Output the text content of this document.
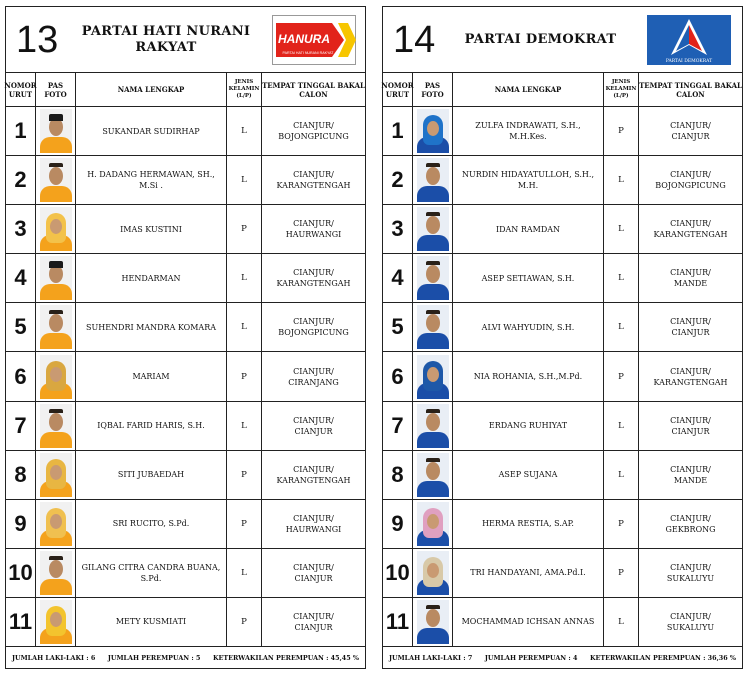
13	PARTAI HATI NURANI RAKYAT
HANURA
PARTAI HATI NURANI RAKYAT
NOMOR URUT
PAS FOTO	NAMA LENGKAP
JENIS KELAMIN (L/P)
TEMPAT TINGGAL BAKAL CALON
1	SUKANDAR SUDIRHAP	L
CIANJUR/
BOJONGPICUNG
2	H. DADANG HERMAWAN, SH., M.Si .
L
CIANJUR/
KARANGTENGAH
3	IMAS KUSTINI	P
CIANJUR/
HAURWANGI
4	HENDARMAN	L
CIANJUR/
KARANGTENGAH
5	SUHENDRI MANDRA KOMARA	L
CIANJUR/
BOJONGPICUNG
6	MARIAM	P
CIANJUR/
CIRANJANG
7	IQBAL FARID HARIS, S.H.	L
CIANJUR/
CIANJUR
8	SITI JUBAEDAH	P
CIANJUR/
KARANGTENGAH
9	SRI RUCITO, S.Pd.	P
CIANJUR/
HAURWANGI
10	GILANG CITRA CANDRA BUANA, S.Pd.
L
CIANJUR/
CIANJUR
11	METY KUSMIATI	P
CIANJUR/
CIANJUR
JUMLAH LAKI-LAKI : 6 JUMLAH PEREMPUAN : 5 KETERWAKILAN PEREMPUAN : 45,45 %
14	PARTAI DEMOKRAT
PARTAI DEMOKRAT
NOMOR URUT
PAS FOTO	NAMA LENGKAP
JENIS KELAMIN (L/P)
TEMPAT TINGGAL BAKAL CALON
1	ZULFA INDRAWATI, S.H., M.H.Kes.
P
CIANJUR/
CIANJUR
2	NURDIN HIDAYATULLOH, S.H., M.H.
L
CIANJUR/
BOJONGPICUNG
3	IDAN RAMDAN	L
CIANJUR/
KARANGTENGAH
4	ASEP SETIAWAN, S.H.	L
CIANJUR/
MANDE
5	ALVI WAHYUDIN, S.H.	L
CIANJUR/
CIANJUR
6	NIA ROHANIA, S.H.,M.Pd.	P
CIANJUR/
KARANGTENGAH
7	ERDANG RUHIYAT	L
CIANJUR/
CIANJUR
8	ASEP SUJANA	L
CIANJUR/
MANDE
9	HERMA RESTIA, S.AP.	P
CIANJUR/
GEKBRONG
10	TRI HANDAYANI, AMA.Pd.I.	P
CIANJUR/
SUKALUYU
11	MOCHAMMAD ICHSAN ANNAS	L
CIANJUR/
SUKALUYU
JUMLAH LAKI-LAKI : 7 JUMLAH PEREMPUAN : 4 KETERWAKILAN PEREMPUAN : 36,36 %
